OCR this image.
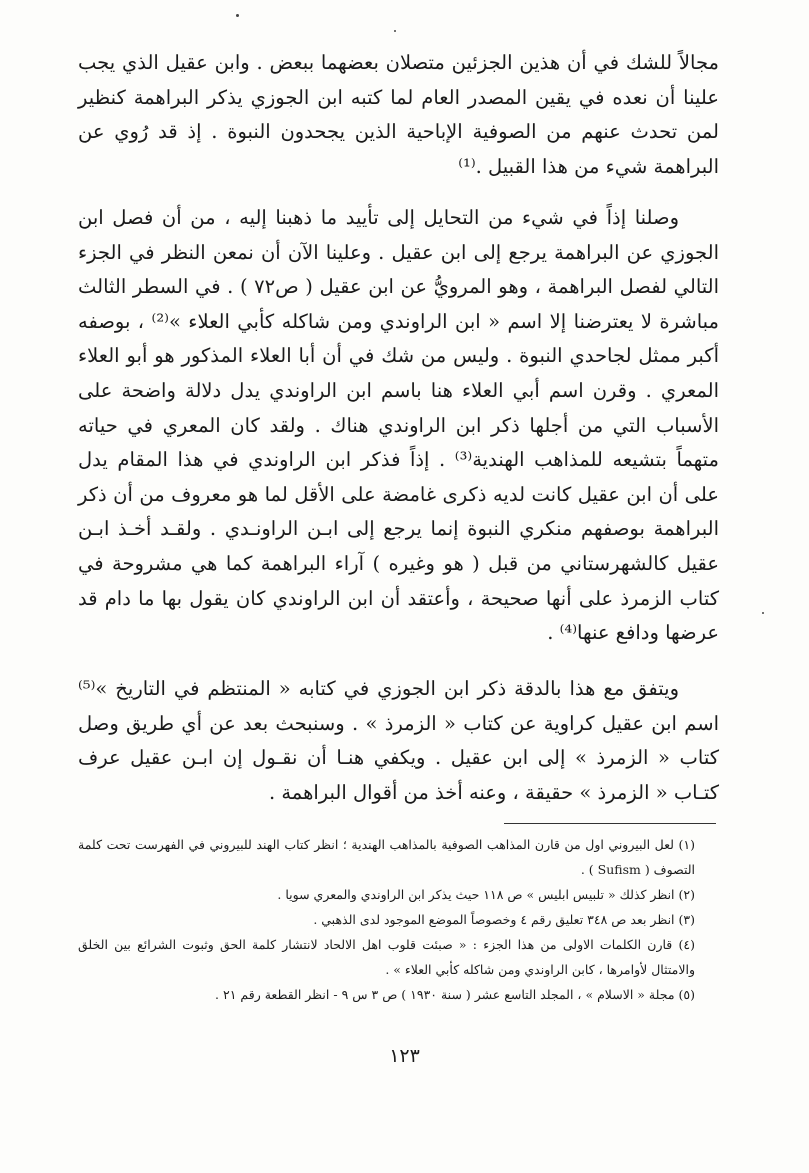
مجالاً للشك في أن هذين الجزئين متصلان بعضهما ببعض . وابن عقيل الذي يجب علينا أن نعده في يقين المصدر العام لما كتبه ابن الجوزي يذكر البراهمة كنظير لمن تحدث عنهم من الصوفية الإباحية الذين يجحدون النبوة . إذ قد رُوي عن البراهمة شيء من هذا القبيل .⁽¹⁾

وصلنا إذاً في شيء من التحايل إلى تأييد ما ذهبنا إليه ، من أن فصل ابن الجوزي عن البراهمة يرجع إلى ابن عقيل . وعلينا الآن أن نمعن النظر في الجزء التالي لفصل البراهمة ، وهو المرويُّ عن ابن عقيل ( ص٧٢ ) . في السطر الثالث مباشرة لا يعترضنا إلا اسم « ابن الراوندي ومن شاكله كأبي العلاء »⁽²⁾ ، بوصفه أكبر ممثل لجاحدي النبوة . وليس من شك في أن أبا العلاء المذكور هو أبو العلاء المعري . وقرن اسم أبي العلاء هنا باسم ابن الراوندي يدل دلالة واضحة على الأسباب التي من أجلها ذكر ابن الراوندي هناك . ولقد كان المعري في حياته متهماً بتشيعه للمذاهب الهندية⁽³⁾ . إذاً فذكر ابن الراوندي في هذا المقام يدل على أن ابن عقيل كانت لديه ذكرى غامضة على الأقل لما هو معروف من أن ذكر البراهمة بوصفهم منكري النبوة إنما يرجع إلى ابـن الراونـدي . ولقـد أخـذ ابـن عقيل كالشهرستاني من قبل ( هو وغيره ) آراء البراهمة كما هي مشروحة في كتاب الزمرذ على أنها صحيحة ، وأعتقد أن ابن الراوندي كان يقول بها ما دام قد عرضها ودافع عنها⁽⁴⁾ .

ويتفق مع هذا بالدقة ذكر ابن الجوزي في كتابه « المنتظم في التاريخ »⁽⁵⁾ اسم ابن عقيل كراوية عن كتاب « الزمرذ » . وسنبحث بعد عن أي طريق وصل كتاب « الزمرذ » إلى ابن عقيل . ويكفي هنـا أن نقـول إن ابـن عقيل عرف كتـاب « الزمرذ » حقيقة ، وعنه أخذ من أقوال البراهمة .

(١) لعل البيروني اول من قارن المذاهب الصوفية بالمذاهب الهندية ؛ انظر كتاب الهند للبيروني في الفهرست تحت كلمة التصوف ( Sufism ) .
(٢) انظر كذلك « تلبيس ابليس » ص ١١٨ حيث يذكر ابن الراوندي والمعري سويا .
(٣) انظر بعد ص ٣٤٨ تعليق رقم ٤ وخصوصاً الموضع الموجود لدى الذهبي .
(٤) قارن الكلمات الاولى من هذا الجزء : « صبئت قلوب اهل الالحاد لانتشار كلمة الحق وثبوت الشرائع بين الخلق والامتثال لأوامرها ، كابن الراوندي ومن شاكله كأبي العلاء » .
(٥) مجلة « الاسلام » ، المجلد التاسع عشر ( سنة ١٩٣٠ ) ص ٣ س ٩ - انظر القطعة رقم ٢١ .
١٢٣
